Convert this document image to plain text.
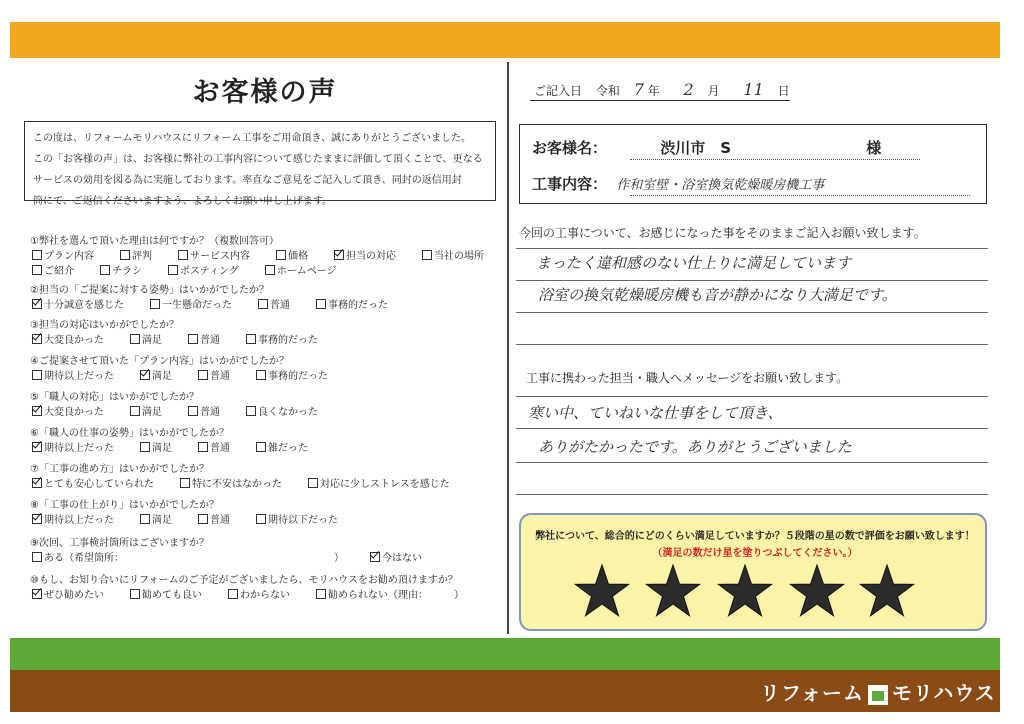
お客様の声
この度は、リフォームモリハウスにリフォーム工事をご用命頂き、誠にありがとうございました。
この「お客様の声」は、お客様に弊社の工事内容について感じたままに評価して頂くことで、更なる
サービスの効用を図る為に実施しております。率直なご意見をご記入して頂き、同封の返信用封
筒にて、ご返信くださいますよう、よろしくお願い申し上げます。
①弊社を選んで頂いた理由は何ですか？（複数回答可）
プラン内容	評判	サービス内容	価格	担当の対応	当社の場所
ご紹介	チラシ	ポスティング	ホームページ
②担当の「ご提案に対する姿勢」はいかがでしたか？
十分誠意を感じた	一生懸命だった	普通	事務的だった
③担当の対応はいかがでしたか？
大変良かった	満足	普通	事務的だった
④ご提案させて頂いた「プラン内容」はいかがでしたか？
期待以上だった	満足	普通	事務的だった
⑤「職人の対応」はいかがでしたか？
大変良かった	満足	普通	良くなかった
⑥「職人の仕事の姿勢」はいかがでしたか？
期待以上だった	満足	普通	雑だった
⑦「工事の進め方」はいかがでしたか？
とても安心していられた	特に不安はなかった	対応に少しストレスを感じた
⑧「工事の仕上がり」はいかがでしたか？
期待以上だった	満足	普通	期待以下だった
⑨次回、工事検討箇所はございますか？
ある（希望箇所：	）	今はない
⑩もし、お知り合いにリフォームのご予定がございましたら、モリハウスをお勧め頂けますか？
ぜひ勧めたい	勧めても良い	わからない	勧められない（理由：	）
ご記入日 令和 7 年 2 月 11 日
お客様名：	渋川市　S	様
工事内容： 作和室壁・浴室換気乾燥暖房機工事
今回の工事について、お感じになった事をそのままご記入お願い致します。
まったく違和感のない仕上りに満足しています
浴室の換気乾燥暖房機も音が静かになり大満足です。
工事に携わった担当・職人へメッセージをお願い致します。
寒い中、ていねいな仕事をして頂き、
ありがたかったです。ありがとうございました
弊社について、総合的にどのくらい満足していますか？５段階の星の数で評価をお願い致します！
（満足の数だけ星を塗りつぶしてください。）
リフォーム モリハウス
